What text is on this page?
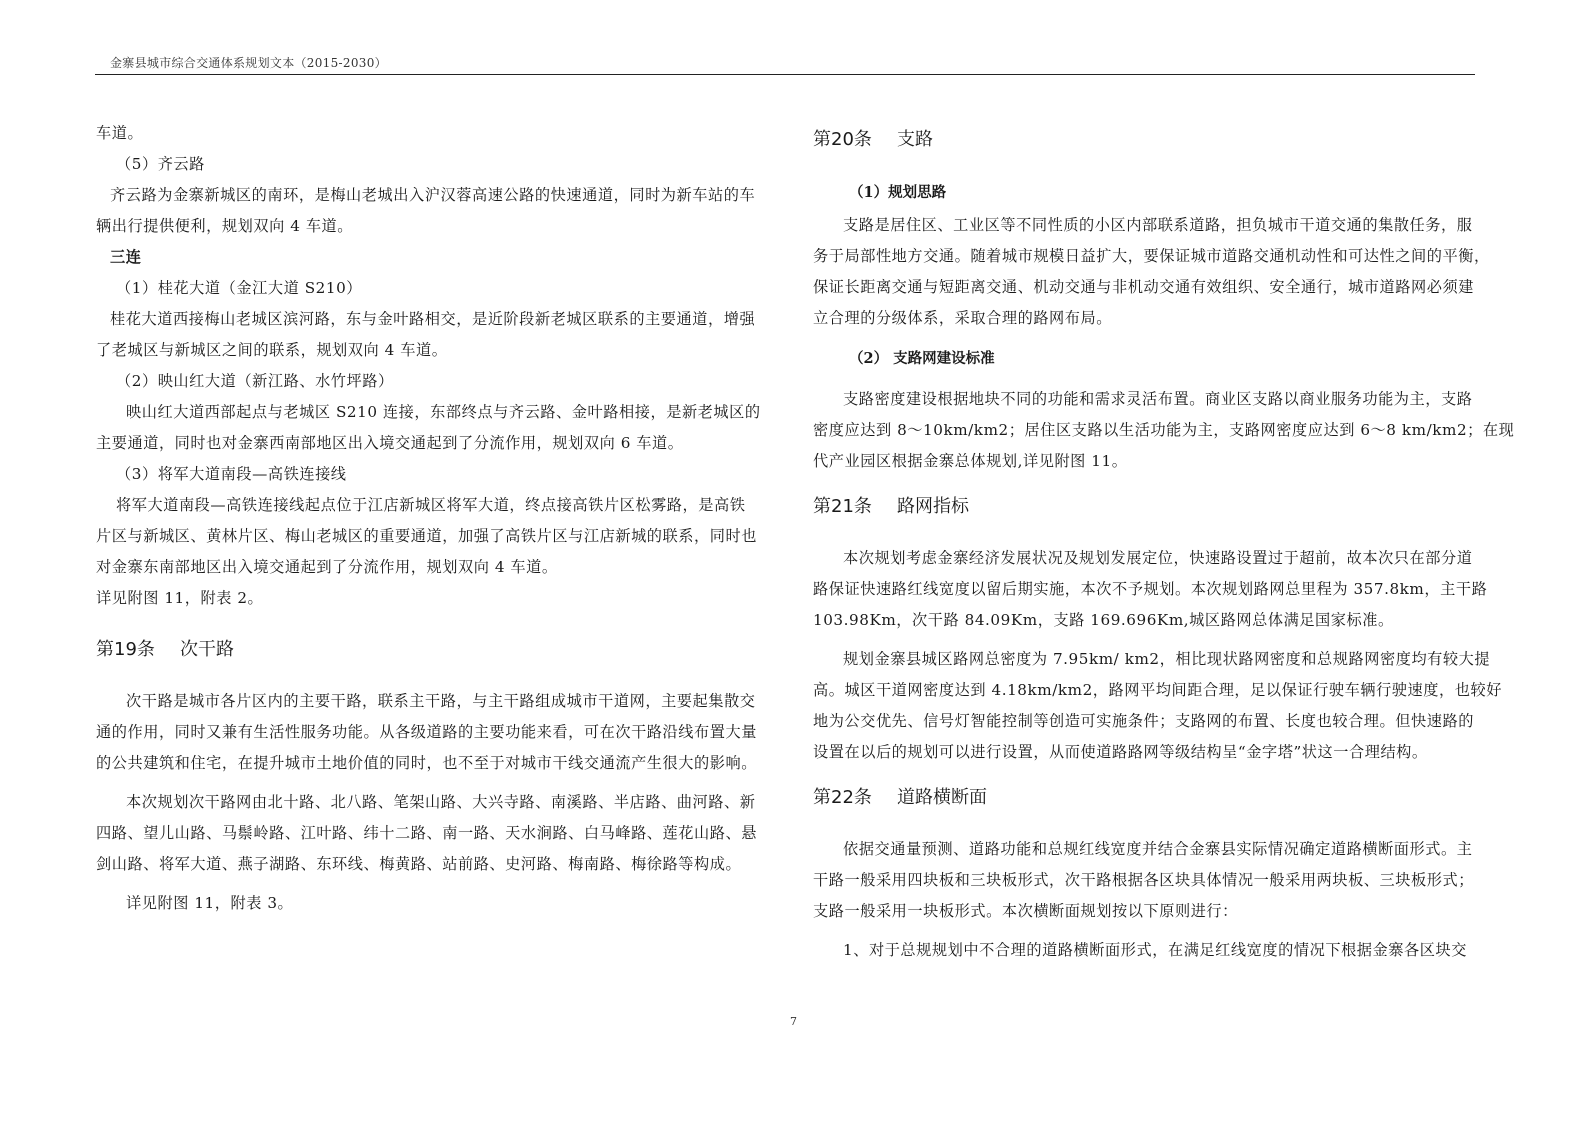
金寨县城市综合交通体系规划文本（2015-2030）
车道。
（5）齐云路
齐云路为金寨新城区的南环，是梅山老城出入沪汉蓉高速公路的快速通道，同时为新车站的车
辆出行提供便利，规划双向 4 车道。
三连
（1）桂花大道（金江大道 S210）
桂花大道西接梅山老城区滨河路，东与金叶路相交，是近阶段新老城区联系的主要通道，增强
了老城区与新城区之间的联系，规划双向 4 车道。
（2）映山红大道（新江路、水竹坪路）
映山红大道西部起点与老城区 S210 连接，东部终点与齐云路、金叶路相接，是新老城区的
主要通道，同时也对金寨西南部地区出入境交通起到了分流作用，规划双向 6 车道。
（3）将军大道南段—高铁连接线
将军大道南段—高铁连接线起点位于江店新城区将军大道，终点接高铁片区松雾路，是高铁
片区与新城区、黄林片区、梅山老城区的重要通道，加强了高铁片区与江店新城的联系，同时也
对金寨东南部地区出入境交通起到了分流作用，规划双向 4 车道。
详见附图 11，附表 2。
第19条 次干路
次干路是城市各片区内的主要干路，联系主干路，与主干路组成城市干道网，主要起集散交
通的作用，同时又兼有生活性服务功能。从各级道路的主要功能来看，可在次干路沿线布置大量
的公共建筑和住宅，在提升城市土地价值的同时，也不至于对城市干线交通流产生很大的影响。
本次规划次干路网由北十路、北八路、笔架山路、大兴寺路、南溪路、半店路、曲河路、新
四路、望儿山路、马鬃岭路、江叶路、纬十二路、南一路、天水涧路、白马峰路、莲花山路、悬
剑山路、将军大道、燕子湖路、东环线、梅黄路、站前路、史河路、梅南路、梅徐路等构成。
详见附图 11，附表 3。
第20条 支路
（1）规划思路
支路是居住区、工业区等不同性质的小区内部联系道路，担负城市干道交通的集散任务，服
务于局部性地方交通。随着城市规模日益扩大，要保证城市道路交通机动性和可达性之间的平衡，
保证长距离交通与短距离交通、机动交通与非机动交通有效组织、安全通行，城市道路网必须建
立合理的分级体系，采取合理的路网布局。
（2） 支路网建设标准
支路密度建设根据地块不同的功能和需求灵活布置。商业区支路以商业服务功能为主，支路
密度应达到 8～10km/km2；居住区支路以生活功能为主，支路网密度应达到 6～8 km/km2；在现
代产业园区根据金寨总体规划,详见附图 11。
第21条 路网指标
本次规划考虑金寨经济发展状况及规划发展定位，快速路设置过于超前，故本次只在部分道
路保证快速路红线宽度以留后期实施，本次不予规划。本次规划路网总里程为 357.8km，主干路
103.98Km，次干路 84.09Km，支路 169.696Km,城区路网总体满足国家标准。
规划金寨县城区路网总密度为 7.95km/ km2，相比现状路网密度和总规路网密度均有较大提
高。城区干道网密度达到 4.18km/km2，路网平均间距合理，足以保证行驶车辆行驶速度，也较好
地为公交优先、信号灯智能控制等创造可实施条件；支路网的布置、长度也较合理。但快速路的
设置在以后的规划可以进行设置，从而使道路路网等级结构呈“金字塔”状这一合理结构。
第22条 道路横断面
依据交通量预测、道路功能和总规红线宽度并结合金寨县实际情况确定道路横断面形式。主
干路一般采用四块板和三块板形式，次干路根据各区块具体情况一般采用两块板、三块板形式；
支路一般采用一块板形式。本次横断面规划按以下原则进行：
1、对于总规规划中不合理的道路横断面形式，在满足红线宽度的情况下根据金寨各区块交
7
